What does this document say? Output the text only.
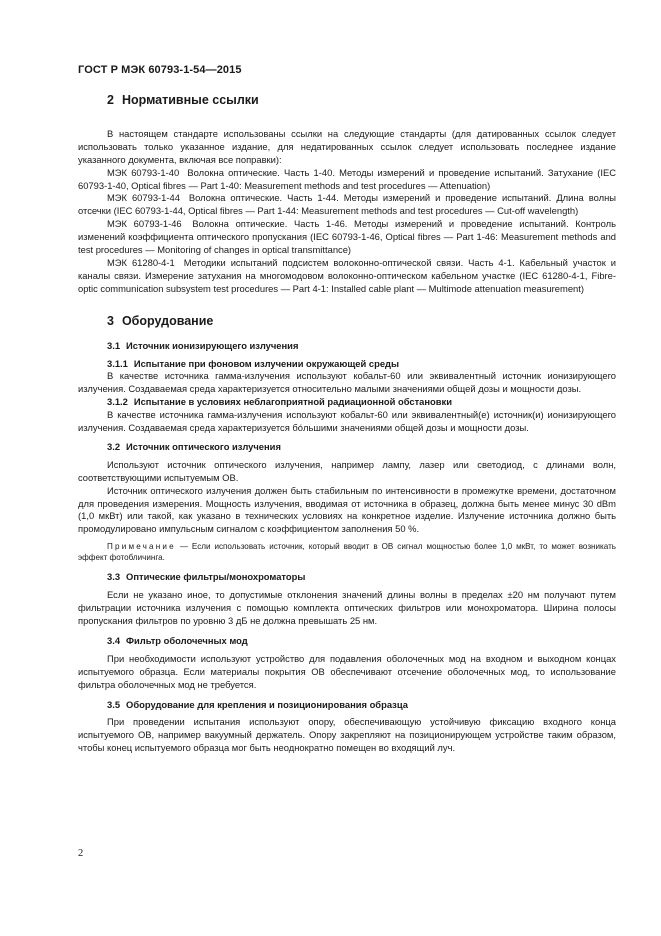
ГОСТ Р МЭК 60793-1-54—2015
2 Нормативные ссылки

В настоящем стандарте использованы ссылки на следующие стандарты (для датированных ссылок следует использовать только указанное издание, для недатированных ссылок следует использовать последнее издание указанного документа, включая все поправки):

МЭК 60793-1-40 Волокна оптические. Часть 1-40. Методы измерений и проведение испытаний. Затухание (IEC 60793-1-40, Optical fibres — Part 1-40: Measurement methods and test procedures — Attenuation)

МЭК 60793-1-44 Волокна оптические. Часть 1-44. Методы измерений и проведение испытаний. Длина волны отсечки (IEC 60793-1-44, Optical fibres — Part 1-44: Measurement methods and test procedures — Cut-off wavelength)

МЭК 60793-1-46 Волокна оптические. Часть 1-46. Методы измерений и проведение испытаний. Контроль изменений коэффициента оптического пропускания (IEC 60793-1-46, Optical fibres — Part 1-46: Measurement methods and test procedures — Monitoring of changes in optical transmittance)

МЭК 61280-4-1 Методики испытаний подсистем волоконно-оптической связи. Часть 4-1. Кабельный участок и каналы связи. Измерение затухания на многомодовом волоконно-оптическом кабельном участке (IEC 61280-4-1, Fibre-optic communication subsystem test procedures — Part 4-1: Installed cable plant — Multimode attenuation measurement)

3 Оборудование
3.1 Источник ионизирующего излучения
3.1.1 Испытание при фоновом излучении окружающей среды

В качестве источника гамма-излучения используют кобальт-60 или эквивалентный источник ионизирующего излучения. Создаваемая среда характеризуется относительно малыми значениями общей дозы и мощности дозы.

3.1.2 Испытание в условиях неблагоприятной радиационной обстановки

В качестве источника гамма-излучения используют кобальт-60 или эквивалентный(е) источник(и) ионизирующего излучения. Создаваемая среда характеризуется бóльшими значениями общей дозы и мощности дозы.

3.2 Источник оптического излучения

Используют источник оптического излучения, например лампу, лазер или светодиод, с длинами волн, соответствующими испытуемым ОВ.

Источник оптического излучения должен быть стабильным по интенсивности в промежутке времени, достаточном для проведения измерения. Мощность излучения, вводимая от источника в образец, должна быть менее минус 30 dBm (1,0 мкВт) или такой, как указано в технических условиях на конкретное изделие. Излучение источника должно быть промодулировано импульсным сигналом с коэффициентом заполнения 50 %.

Примечание — Если использовать источник, который вводит в ОВ сигнал мощностью более 1,0 мкВт, то может возникать эффект фотобличинга.

3.3 Оптические фильтры/монохроматоры

Если не указано иное, то допустимые отклонения значений длины волны в пределах ±20 нм получают путем фильтрации источника излучения с помощью комплекта оптических фильтров или монохроматора. Ширина полосы пропускания фильтров по уровню 3 дБ не должна превышать 25 нм.

3.4 Фильтр оболочечных мод

При необходимости используют устройство для подавления оболочечных мод на входном и выходном концах испытуемого образца. Если материалы покрытия ОВ обеспечивают отсечение оболочечных мод, то использование фильтра оболочечных мод не требуется.

3.5 Оборудование для крепления и позиционирования образца

При проведении испытания используют опору, обеспечивающую устойчивую фиксацию входного конца испытуемого ОВ, например вакуумный держатель. Опору закрепляют на позиционирующем устройстве таким образом, чтобы конец испытуемого образца мог быть неоднократно помещен во входящий луч.

2
